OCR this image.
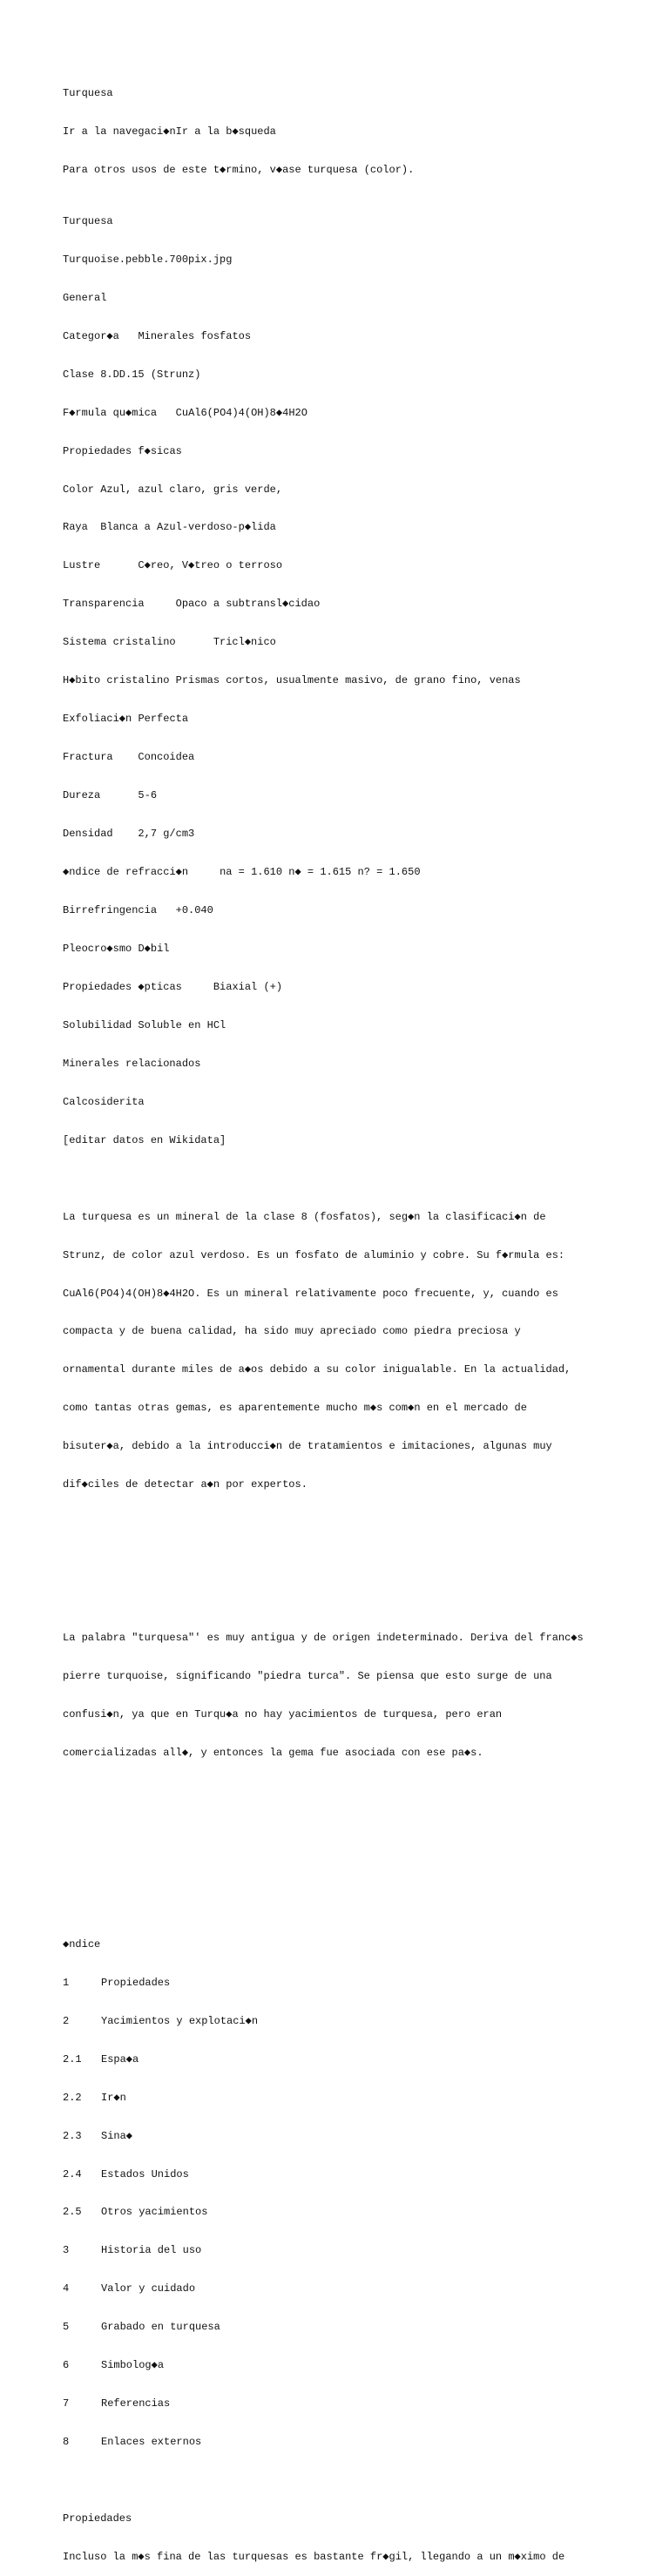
Turquesa

Ir a la navegaci◆nIr a la b◆squeda

Para otros usos de este t◆rmino, v◆ase turquesa (color).

Turquesa

Turquoise.pebble.700pix.jpg

General

Categor◆a   Minerales fosfatos

Clase 8.DD.15 (Strunz)

F◆rmula qu◆mica   CuAl6(PO4)4(OH)8◆4H2O

Propiedades f◆sicas

Color Azul, azul claro, gris verde,

Raya  Blanca a Azul-verdoso-p◆lida

Lustre      C◆reo, V◆treo o terroso

Transparencia     Opaco a subtransl◆cidao

Sistema cristalino      Tricl◆nico

H◆bito cristalino Prismas cortos, usualmente masivo, de grano fino, venas

Exfoliaci◆n Perfecta

Fractura    Concoidea

Dureza      5-6

Densidad    2,7 g/cm3

◆ndice de refracci◆n     na = 1.610 n◆ = 1.615 n? = 1.650

Birrefringencia   +0.040

Pleocro◆smo D◆bil

Propiedades ◆pticas     Biaxial (+)

Solubilidad Soluble en HCl

Minerales relacionados

Calcosiderita

[editar datos en Wikidata]

La turquesa es un mineral de la clase 8 (fosfatos), seg◆n la clasificaci◆n de

Strunz, de color azul verdoso. Es un fosfato de aluminio y cobre. Su f◆rmula es:

CuAl6(PO4)4(OH)8◆4H2O. Es un mineral relativamente poco frecuente, y, cuando es

compacta y de buena calidad, ha sido muy apreciado como piedra preciosa y

ornamental durante miles de a◆os debido a su color inigualable. En la actualidad,

como tantas otras gemas, es aparentemente mucho m◆s com◆n en el mercado de

bisuter◆a, debido a la introducci◆n de tratamientos e imitaciones, algunas muy

dif◆ciles de detectar a◆n por expertos.

La palabra "turquesa"' es muy antigua y de origen indeterminado. Deriva del franc◆s

pierre turquoise, significando "piedra turca". Se piensa que esto surge de una

confusi◆n, ya que en Turqu◆a no hay yacimientos de turquesa, pero eran

comercializadas all◆, y entonces la gema fue asociada con ese pa◆s.

◆ndice

1	Propiedades

2	Yacimientos y explotaci◆n

2.1 Espa◆a

2.2 Ir◆n

2.3 Sina◆

2.4 Estados Unidos

2.5 Otros yacimientos

3	Historia del uso

4	Valor y cuidado

5	Grabado en turquesa

6	Simbolog◆a

7	Referencias

8	Enlaces externos

Propiedades

Incluso la m◆s fina de las turquesas es bastante fr◆gil, llegando a un m◆ximo de
